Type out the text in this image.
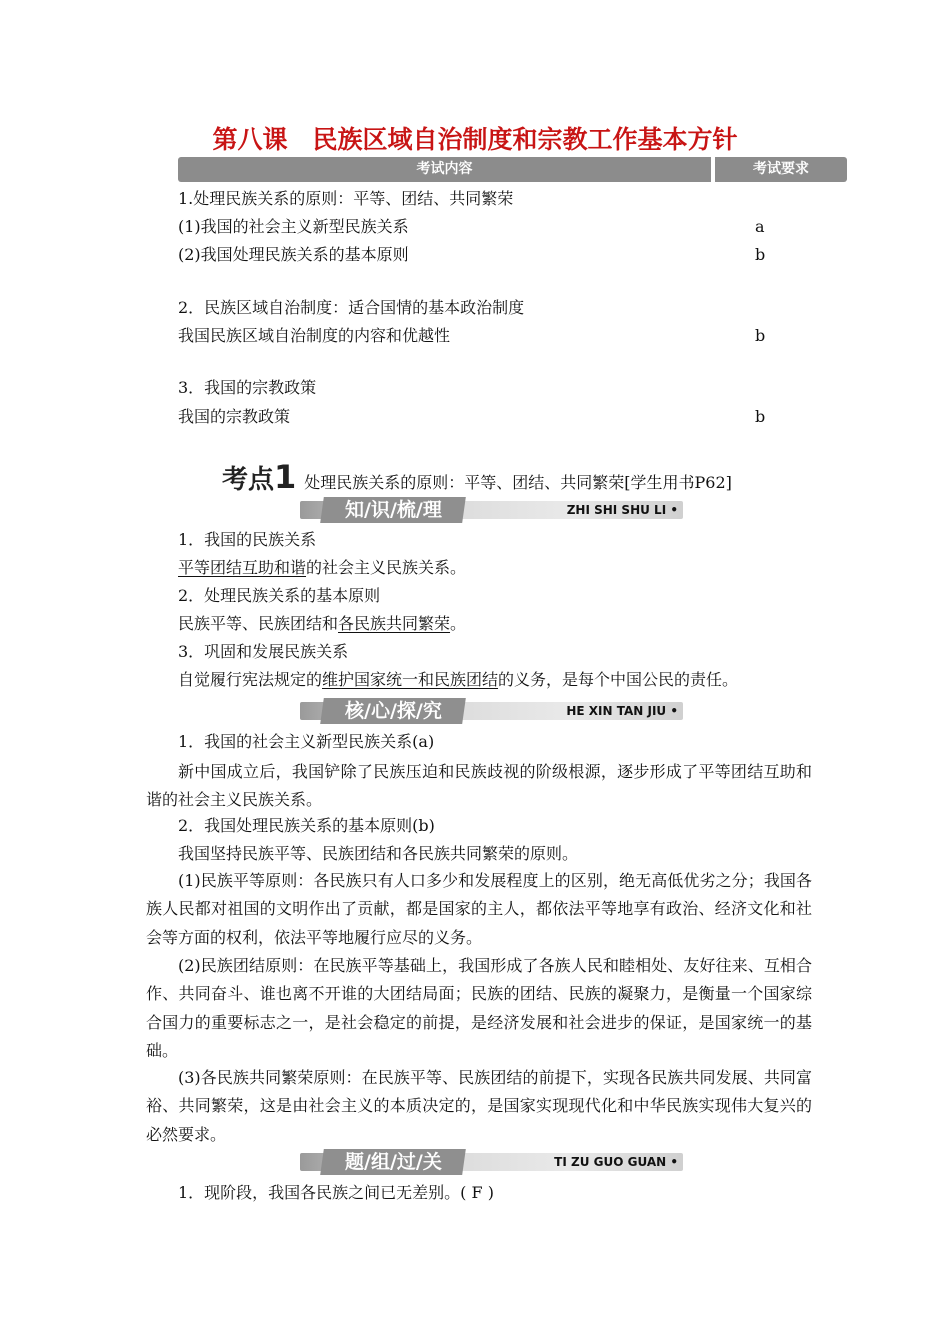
第八课　民族区域自治制度和宗教工作基本方针
考试内容	考试要求
1.处理民族关系的原则：平等、团结、共同繁荣
(1)我国的社会主义新型民族关系	a
(2)我国处理民族关系的基本原则	b
2．民族区域自治制度：适合国情的基本政治制度
我国民族区域自治制度的内容和优越性	b
3．我国的宗教政策
我国的宗教政策	b
考点1 处理民族关系的原则：平等、团结、共同繁荣[学生用书P62]
知/识/梳/理	ZHI SHI SHU LI •
1．我国的民族关系
平等团结互助和谐的社会主义民族关系。
2．处理民族关系的基本原则
民族平等、民族团结和各民族共同繁荣。
3．巩固和发展民族关系
自觉履行宪法规定的维护国家统一和民族团结的义务，是每个中国公民的责任。
核/心/探/究	HE XIN TAN JIU •
1．我国的社会主义新型民族关系(a)
新中国成立后，我国铲除了民族压迫和民族歧视的阶级根源，逐步形成了平等团结互助和谐的社会主义民族关系。
2．我国处理民族关系的基本原则(b)
我国坚持民族平等、民族团结和各民族共同繁荣的原则。
(1)民族平等原则：各民族只有人口多少和发展程度上的区别，绝无高低优劣之分；我国各族人民都对祖国的文明作出了贡献，都是国家的主人，都依法平等地享有政治、经济文化和社会等方面的权利，依法平等地履行应尽的义务。
(2)民族团结原则：在民族平等基础上，我国形成了各族人民和睦相处、友好往来、互相合作、共同奋斗、谁也离不开谁的大团结局面；民族的团结、民族的凝聚力，是衡量一个国家综合国力的重要标志之一，是社会稳定的前提，是经济发展和社会进步的保证，是国家统一的基础。
(3)各民族共同繁荣原则：在民族平等、民族团结的前提下，实现各民族共同发展、共同富裕、共同繁荣，这是由社会主义的本质决定的，是国家实现现代化和中华民族实现伟大复兴的必然要求。
题/组/过/关	TI ZU GUO GUAN •
1．现阶段，我国各民族之间已无差别。( F )
